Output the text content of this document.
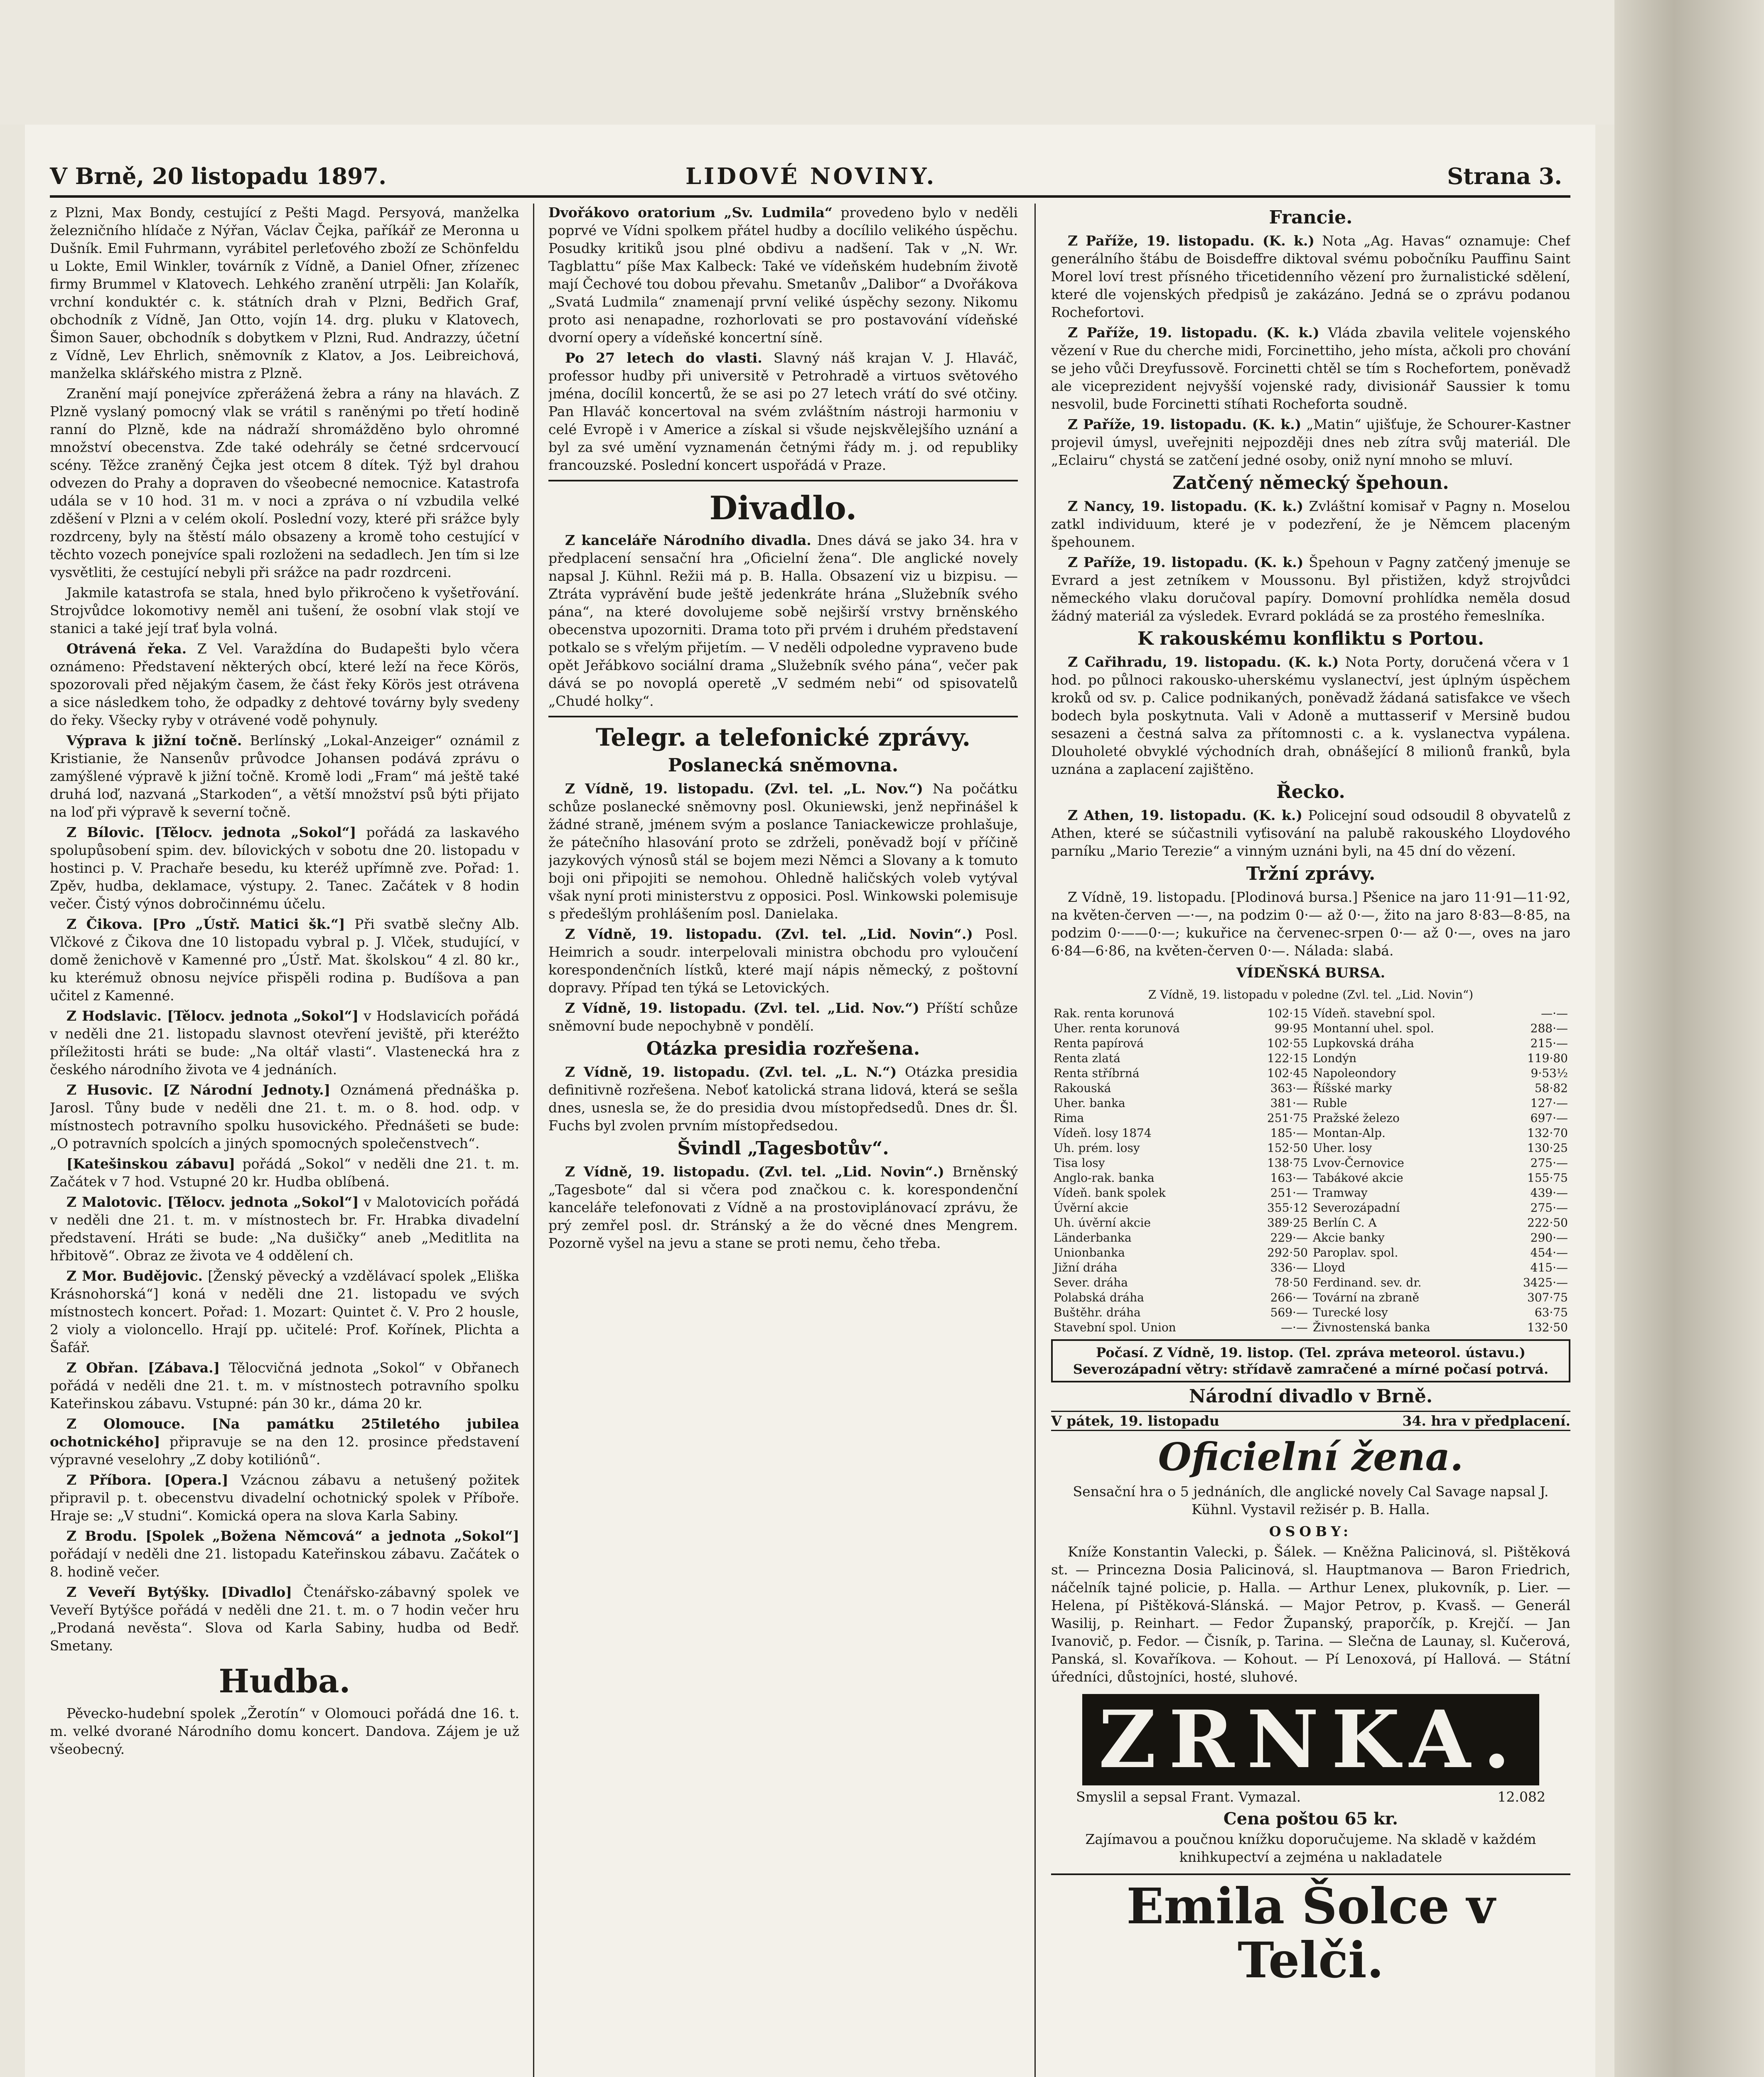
V Brně, 20 listopadu 1897.	LIDOVÉ NOVINY.	Strana 3.

z Plzni, Max Bondy, cestující z Pešti Magd. Persyová, manželka železničního hlídače z Nýřan, Václav Čejka, paříkář ze Meronna u Dušník. Emil Fuhrmann, vyrábitel perleťového zboží ze Schönfeldu u Lokte, Emil Winkler, továrník z Vídně, a Daniel Ofner, zřízenec firmy Brummel v Klatovech. Lehkého zranění utrpěli: Jan Kolařík, vrchní konduktér c. k. státních drah v Plzni, Bedřich Graf, obchodník z Vídně, Jan Otto, vojín 14. drg. pluku v Klatovech, Šimon Sauer, obchodník s dobytkem v Plzni, Rud. Andrazzy, účetní z Vídně, Lev Ehrlich, sněmovník z Klatov, a Jos. Leibreichová, manželka sklářského mistra z Plzně.

Zranění mají ponejvíce zpřerážená žebra a rány na hlavách. Z Plzně vyslaný pomocný vlak se vrátil s raněnými po třetí hodině ranní do Plzně, kde na nádraží shromážděno bylo ohromné množství obecenstva. Zde také odehrály se četné srdcervoucí scény. Těžce zraněný Čejka jest otcem 8 dítek. Týž byl drahou odvezen do Prahy a dopraven do všeobecné nemocnice. Katastrofa udála se v 10 hod. 31 m. v noci a zpráva o ní vzbudila velké zděšení v Plzni a v celém okolí. Poslední vozy, které při srážce byly rozdrceny, byly na štěstí málo obsazeny a kromě toho cestující v těchto vozech ponejvíce spali rozloženi na sedadlech. Jen tím si lze vysvětliti, že cestující nebyli při srážce na padr rozdrceni.

Jakmile katastrofa se stala, hned bylo přikročeno k vyšetřování. Strojvůdce lokomotivy neměl ani tušení, že osobní vlak stojí ve stanici a také její trať byla volná.

Otrávená řeka. Z Vel. Varaždína do Budapešti bylo včera oznámeno: Představení některých obcí, které leží na řece Körös, spozorovali před nějakým časem, že část řeky Körös jest otrávena a sice následkem toho, že odpadky z dehtové továrny byly svedeny do řeky. Všecky ryby v otrávené vodě pohynuly.

Výprava k jižní točně. Berlínský „Lokal-Anzeiger“ oznámil z Kristianie, že Nansenův průvodce Johansen podává zprávu o zamýšlené výpravě k jižní točně. Kromě lodi „Fram“ má ještě také druhá loď, nazvaná „Starkoden“, a větší množství psů býti přijato na loď při výpravě k severní točně.

Z Bílovic. [Tělocv. jednota „Sokol“] pořádá za laskavého spolupůsobení spim. dev. bílovických v sobotu dne 20. listopadu v hostinci p. V. Prachaře besedu, ku kteréž upřímně zve. Pořad: 1. Zpěv, hudba, deklamace, výstupy. 2. Tanec. Začátek v 8 hodin večer. Čistý výnos dobročinnému účelu.

Z Čikova. [Pro „Ústř. Matici šk.“] Při svatbě slečny Alb. Vlčkové z Čikova dne 10 listopadu vybral p. J. Vlček, studující, v domě ženichově v Kamenné pro „Ústř. Mat. školskou“ 4 zl. 80 kr., ku kterémuž obnosu nejvíce přispěli rodina p. Budíšova a pan učitel z Kamenné.

Z Hodslavic. [Tělocv. jednota „Sokol“] v Hodslavicích pořádá v neděli dne 21. listopadu slavnost otevření jeviště, při kteréžto příležitosti hráti se bude: „Na oltář vlasti“. Vlastenecká hra z českého národního života ve 4 jednáních.

Z Husovic. [Z Národní Jednoty.] Oznámená přednáška p. Jarosl. Tůny bude v neděli dne 21. t. m. o 8. hod. odp. v místnostech potravního spolku husovického. Přednášeti se bude: „O potravních spolcích a jiných spomocných společenstvech“.

[Katešinskou zábavu] pořádá „Sokol“ v neděli dne 21. t. m. Začátek v 7 hod. Vstupné 20 kr. Hudba oblíbená.

Z Malotovic. [Tělocv. jednota „Sokol“] v Malotovicích pořádá v neděli dne 21. t. m. v místnostech br. Fr. Hrabka divadelní představení. Hráti se bude: „Na dušičky“ aneb „Meditlita na hřbitově“. Obraz ze života ve 4 oddělení ch.

Z Mor. Budějovic. [Ženský pěvecký a vzdělávací spolek „Eliška Krásnohorská“] koná v neděli dne 21. listopadu ve svých místnostech koncert. Pořad: 1. Mozart: Quintet č. V. Pro 2 housle, 2 violy a violoncello. Hrají pp. učitelé: Prof. Kořínek, Plichta a Šafář.

Z Obřan. [Zábava.] Tělocvičná jednota „Sokol“ v Obřanech pořádá v neděli dne 21. t. m. v místnostech potravního spolku Kateřinskou zábavu. Vstupné: pán 30 kr., dáma 20 kr.

Z Olomouce. [Na památku 25tiletého jubilea ochotnického] připravuje se na den 12. prosince představení výpravné veselohry „Z doby kotiliónů“.

Z Příbora. [Opera.] Vzácnou zábavu a netušený požitek připravil p. t. obecenstvu divadelní ochotnický spolek v Příboře. Hraje se: „V studni“. Komická opera na slova Karla Sabiny.

Z Brodu. [Spolek „Božena Němcová“ a jednota „Sokol“] pořádají v neděli dne 21. listopadu Kateřinskou zábavu. Začátek o 8. hodině večer.

Z Veveří Bytýšky. [Divadlo] Čtenářsko-zábavný spolek ve Veveří Bytýšce pořádá v neděli dne 21. t. m. o 7 hodin večer hru „Prodaná nevěsta“. Slova od Karla Sabiny, hudba od Bedř. Smetany.

Hudba.

Pěvecko-hudební spolek „Žerotín“ v Olomouci pořádá dne 16. t. m. velké dvorané Národního domu koncert. Dandova. Zájem je už všeobecný.

Dvořákovo oratorium „Sv. Ludmila“ provedeno bylo v neděli poprvé ve Vídni spolkem přátel hudby a docílilo velikého úspěchu. Posudky kritiků jsou plné obdivu a nadšení. Tak v „N. Wr. Tagblattu“ píše Max Kalbeck: Také ve vídeňském hudebním životě mají Čechové tou dobou převahu. Smetanův „Dalibor“ a Dvořákova „Svatá Ludmila“ znamenají první veliké úspěchy sezony. Nikomu proto asi nenapadne, rozhorlovati se pro postavování vídeňské dvorní opery a vídeňské koncertní síně.

Po 27 letech do vlasti. Slavný náš krajan V. J. Hlaváč, professor hudby při universitě v Petrohradě a virtuos světového jména, docílil koncertů, že se asi po 27 letech vrátí do své otčiny. Pan Hlaváč koncertoval na svém zvláštním nástroji harmoniu v celé Evropě i v Americe a získal si všude nejskvělejšího uznání a byl za své umění vyznamenán četnými řády m. j. od republiky francouzské. Poslední koncert uspořádá v Praze.

Divadlo.

Z kanceláře Národního divadla. Dnes dává se jako 34. hra v předplacení sensační hra „Oficielní žena“. Dle anglické novely napsal J. Kühnl. Režii má p. B. Halla. Obsazení viz u bizpisu. — Ztráta vyprávění bude ještě jedenkráte hrána „Služebník svého pána“, na které dovolujeme sobě nejširší vrstvy brněnského obecenstva upozorniti. Drama toto při prvém i druhém představení potkalo se s vřelým přijetím. — V neděli odpoledne vypraveno bude opět Jeřábkovo sociální drama „Služebník svého pána“, večer pak dává se po novoplá operetě „V sedmém nebi“ od spisovatelů „Chudé holky“.

Telegr. a telefonické zprávy.
Poslanecká sněmovna.

Z Vídně, 19. listopadu. (Zvl. tel. „L. Nov.“) Na počátku schůze poslanecké sněmovny posl. Okuniewski, jenž nepřinášel k žádné straně, jménem svým a poslance Taniackewicze prohlašuje, že pátečního hlasování proto se zdrželi, poněvadž bojí v příčině jazykových výnosů stál se bojem mezi Němci a Slovany a k tomuto boji oni připojiti se nemohou. Ohledně haličských voleb vytýval však nyní proti ministerstvu z opposici. Posl. Winkowski polemisuje s předešlým prohlášením posl. Danielaka.

Z Vídně, 19. listopadu. (Zvl. tel. „Lid. Novin“.) Posl. Heimrich a soudr. interpelovali ministra obchodu pro vyloučení korespondenčních lístků, které mají nápis německý, z poštovní dopravy. Případ ten týká se Letovických.

Z Vídně, 19. listopadu. (Zvl. tel. „Lid. Nov.“) Příští schůze sněmovní bude nepochybně v pondělí.

Otázka presidia rozřešena.

Z Vídně, 19. listopadu. (Zvl. tel. „L. N.“) Otázka presidia definitivně rozřešena. Neboť katolická strana lidová, která se sešla dnes, usnesla se, že do presidia dvou místopředsedů. Dnes dr. Šl. Fuchs byl zvolen prvním místopředsedou.

Švindl „Tagesbotův“.

Z Vídně, 19. listopadu. (Zvl. tel. „Lid. Novin“.) Brněnský „Tagesbote“ dal si včera pod značkou c. k. korespondenční kanceláře telefonovati z Vídně a na prostoviplánovací zprávu, že prý zemřel posl. dr. Stránský a že do věcné dnes Mengrem. Pozorně vyšel na jevu a stane se proti nemu, čeho třeba.

Francie.

Z Paříže, 19. listopadu. (K. k.) Nota „Ag. Havas“ oznamuje: Chef generálního štábu de Boisdeffre diktoval svému pobočníku Pauffinu Saint Morel loví trest přísného třicetidenního vězení pro žurnalistické sdělení, které dle vojenských předpisů je zakázáno. Jedná se o zprávu podanou Rochefortovi.

Z Paříže, 19. listopadu. (K. k.) Vláda zbavila velitele vojenského vězení v Rue du cherche midi, Forcinettiho, jeho místa, ačkoli pro chování se jeho vůči Dreyfussově. Forcinetti chtěl se tím s Rochefortem, poněvadž ale viceprezident nejvyšší vojenské rady, divisionář Saussier k tomu nesvolil, bude Forcinetti stíhati Rocheforta soudně.

Z Paříže, 19. listopadu. (K. k.) „Matin“ ujišťuje, že Schourer-Kastner projevil úmysl, uveřejniti nejpozději dnes neb zítra svůj materiál. Dle „Eclairu“ chystá se zatčení jedné osoby, oniž nyní mnoho se mluví.

Zatčený německý špehoun.

Z Nancy, 19. listopadu. (K. k.) Zvláštní komisař v Pagny n. Moselou zatkl individuum, které je v podezření, že je Němcem placeným špehounem.

Z Paříže, 19. listopadu. (K. k.) Špehoun v Pagny zatčený jmenuje se Evrard a jest zetníkem v Moussonu. Byl přistižen, když strojvůdci německého vlaku doručoval papíry. Domovní prohlídka neměla dosud žádný materiál za výsledek. Evrard pokládá se za prostého řemeslníka.

K rakouskému konfliktu s Portou.

Z Cařihradu, 19. listopadu. (K. k.) Nota Porty, doručená včera v 1 hod. po půlnoci rakousko-uherskému vyslanectví, jest úplným úspěchem kroků od sv. p. Calice podnikaných, poněvadž žádaná satisfakce ve všech bodech byla poskytnuta. Vali v Adoně a muttasserif v Mersině budou sesazeni a čestná salva za přítomnosti c. a k. vyslanectva vypálena. Dlouholeté obvyklé východních drah, obnášející 8 milionů franků, byla uznána a zaplacení zajištěno.

Řecko.

Z Athen, 19. listopadu. (K. k.) Policejní soud odsoudil 8 obyvatelů z Athen, které se súčastnili vyťisování na palubě rakouského Lloydového parníku „Mario Terezie“ a vinným uznáni byli, na 45 dní do vězení.

Tržní zprávy.

Z Vídně, 19. listopadu. [Plodinová bursa.] Pšenice na jaro 11·91—11·92, na květen-červen —·—, na podzim 0·— až 0·—, žito na jaro 8·83—8·85, na podzim 0·——0·—; kukuřice na červenec-srpen 0·— až 0·—, oves na jaro 6·84—6·86, na květen-červen 0·—. Náladа: slabá.

VÍDEŇSKÁ BURSA.
Z Vídně, 19. listopadu v poledne (Zvl. tel. „Lid. Novin“)
Rak. renta korunová	102·15	Vídeň. stavební spol.	—·—
Uher. renta korunová	99·95	Montanní uhel. spol.	288·—
Renta papírová	102·55	Lupkovská dráha	215·—
Renta zlatá	122·15	Londýn	119·80
Renta stříbrná	102·45	Napoleondory	9·53½
Rakouská	363·—	Říšské marky	58·82
Uher. banka	381·—	Ruble	127·—
Rima	251·75	Pražské železo	697·—
Vídeň. losy 1874	185·—	Montan-Alp.	132·70
Uh. prém. losy	152·50	Uher. losy	130·25
Tisa losy	138·75	Lvov-Černovice	275·—
Anglo-rak. banka	163·—	Tabákové akcie	155·75
Vídeň. bank spolek	251·—	Tramway	439·—
Úvěrní akcie	355·12	Severozápadní	275·—
Uh. úvěrní akcie	389·25	Berlín C. A	222·50
Länderbanka	229·—	Akcie banky	290·—
Unionbanka	292·50	Paroplav. spol.	454·—
Jižní dráha	336·—	Lloyd	415·—
Sever. dráha	78·50	Ferdinand. sev. dr.	3425·—
Polabská dráha	266·—	Tovární na zbraně	307·75
Buštěhr. dráha	569·—	Turecké losy	63·75
Stavební spol. Union	—·—	Živnostenská banka	132·50
Počasí. Z Vídně, 19. listop. (Tel. zpráva meteorol. ústavu.) Severozápadní větry: střídavě zamračené a mírné počasí potrvá.
Národní divadlo v Brně.
V pátek, 19. listopadu	34. hra v předplacení.
Oficielní žena.

Sensační hra o 5 jednáních, dle anglické novely Cal Savage napsal J. Kühnl. Vystavil režisér p. B. Halla.

OSOBY:

Kníže Konstantin Valecki, p. Šálek. — Kněžna Palicinová, sl. Pištěková st. — Princezna Dosia Palicinová, sl. Hauptmanova — Baron Friedrich, náčelník tajné policie, p. Halla. — Arthur Lenex, plukovník, p. Lier. — Helena, pí Pištěková-Slánská. — Major Petrov, p. Kvasš. — Generál Wasilij, p. Reinhart. — Fedor Županský, praporčík, p. Krejčí. — Jan Ivanovič, p. Fedor. — Čisník, p. Tarina. — Slečna de Launay, sl. Kučerová, Panská, sl. Kovaříkova. — Kohout. — Pí Lenoxová, pí Hallová. — Státní úředníci, důstojníci, hosté, sluhové.

ZRNKA.
Smyslil a sepsal Frant. Vymazal.	12.082
Cena poštou 65 kr.

Zajímavou a poučnou knížku doporučujeme. Na skladě v každém knihkupectví a zejména u nakladatele

Emila Šolce v Telči.
